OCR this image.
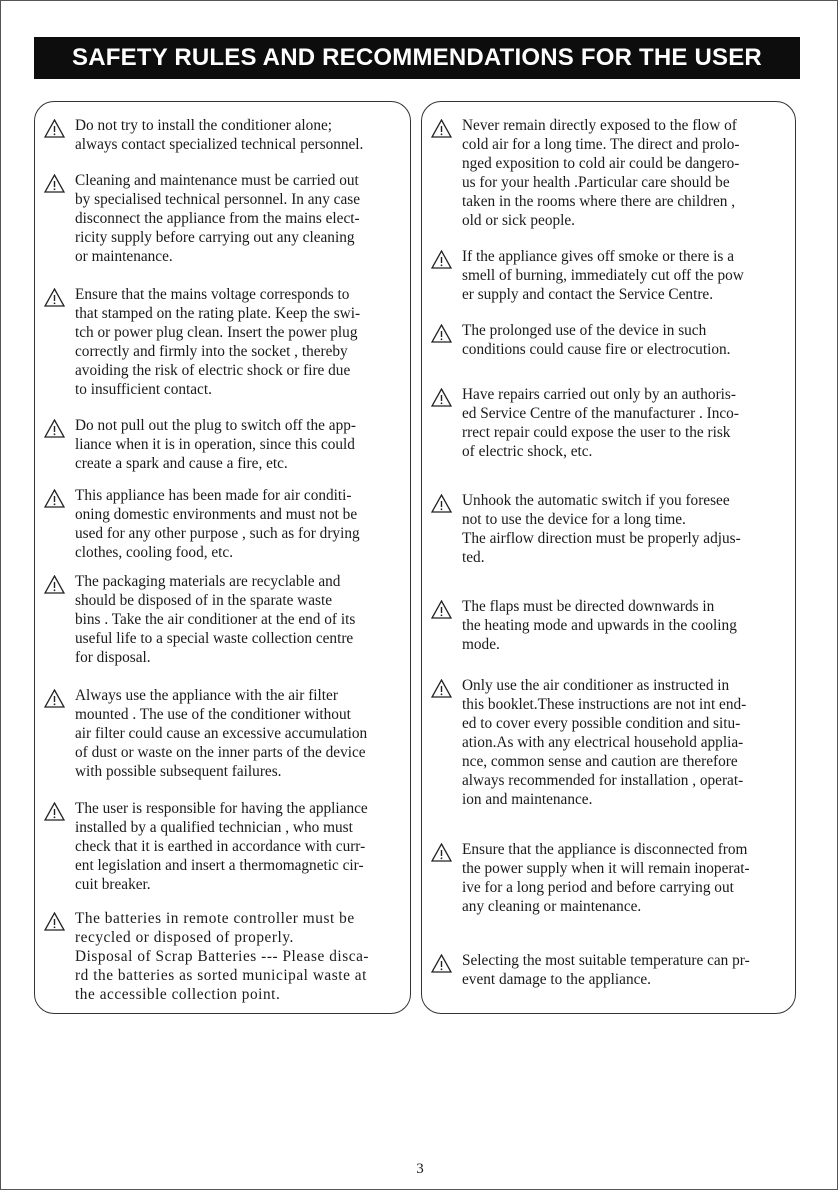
SAFETY RULES AND RECOMMENDATIONS FOR THE USER
Do not try to install the conditioner alone;
always contact specialized technical personnel.
Cleaning and maintenance must be carried out
by specialised technical personnel. In any case
disconnect the appliance from the mains elect-
ricity supply before carrying out any cleaning
or maintenance.
Ensure that the mains voltage corresponds to
that stamped on the rating plate. Keep the swi-
tch or power plug clean. Insert the power plug
correctly and firmly into the socket , thereby
avoiding the risk of electric shock or fire due
to insufficient contact.
Do not pull out the plug to switch off the app-
liance when it is in operation, since this could
create a spark and cause a fire, etc.
This appliance has been made for air conditi-
oning domestic environments and must not be
used for any other purpose , such as for drying
clothes, cooling food, etc.
The packaging materials are recyclable and
should be disposed of in the sparate waste
bins . Take the air conditioner at the end of its
useful life to a special waste collection centre
for disposal.
Always use the appliance with the air filter
mounted . The use of the conditioner without
air filter could cause an excessive accumulation
of dust or waste on the inner parts of the device
with possible subsequent failures.
The user is responsible for having the appliance
installed by a qualified technician , who must
check that it is earthed in accordance with curr-
ent legislation and insert a thermomagnetic cir-
cuit breaker.
The batteries in remote controller must be
recycled or disposed of properly.
Disposal of Scrap Batteries --- Please disca-
rd the batteries as sorted municipal waste at
the accessible collection point.
Never remain directly exposed to the flow of
cold air for a long time. The direct and prolo-
nged exposition to cold air could be dangero-
us for your health .Particular care should be
taken in the rooms where there are children ,
old or sick people.
If the appliance gives off smoke or there is a
smell of burning, immediately cut off the pow
er supply and contact the Service Centre.
The prolonged use of the device in such
conditions could cause fire or electrocution.
Have repairs carried out only by an authoris-
ed Service Centre of the manufacturer . Inco-
rrect repair could expose the user to the risk
of electric shock, etc.
Unhook the automatic switch if you foresee
not to use the device for a long time.
The airflow direction must be properly adjus-
ted.
The flaps must be directed downwards in
the heating mode and upwards in the cooling
mode.
Only use the air conditioner as instructed in
this booklet.These instructions are not int end-
ed to cover every possible condition and situ-
ation.As with any electrical household applia-
nce, common sense and caution are therefore
always recommended for installation , operat-
ion and maintenance.
Ensure that the appliance is disconnected from
the power supply when it will remain inoperat-
ive for a long period and before carrying out
any cleaning or maintenance.
Selecting the most suitable temperature can pr-
event damage to the appliance.
3
